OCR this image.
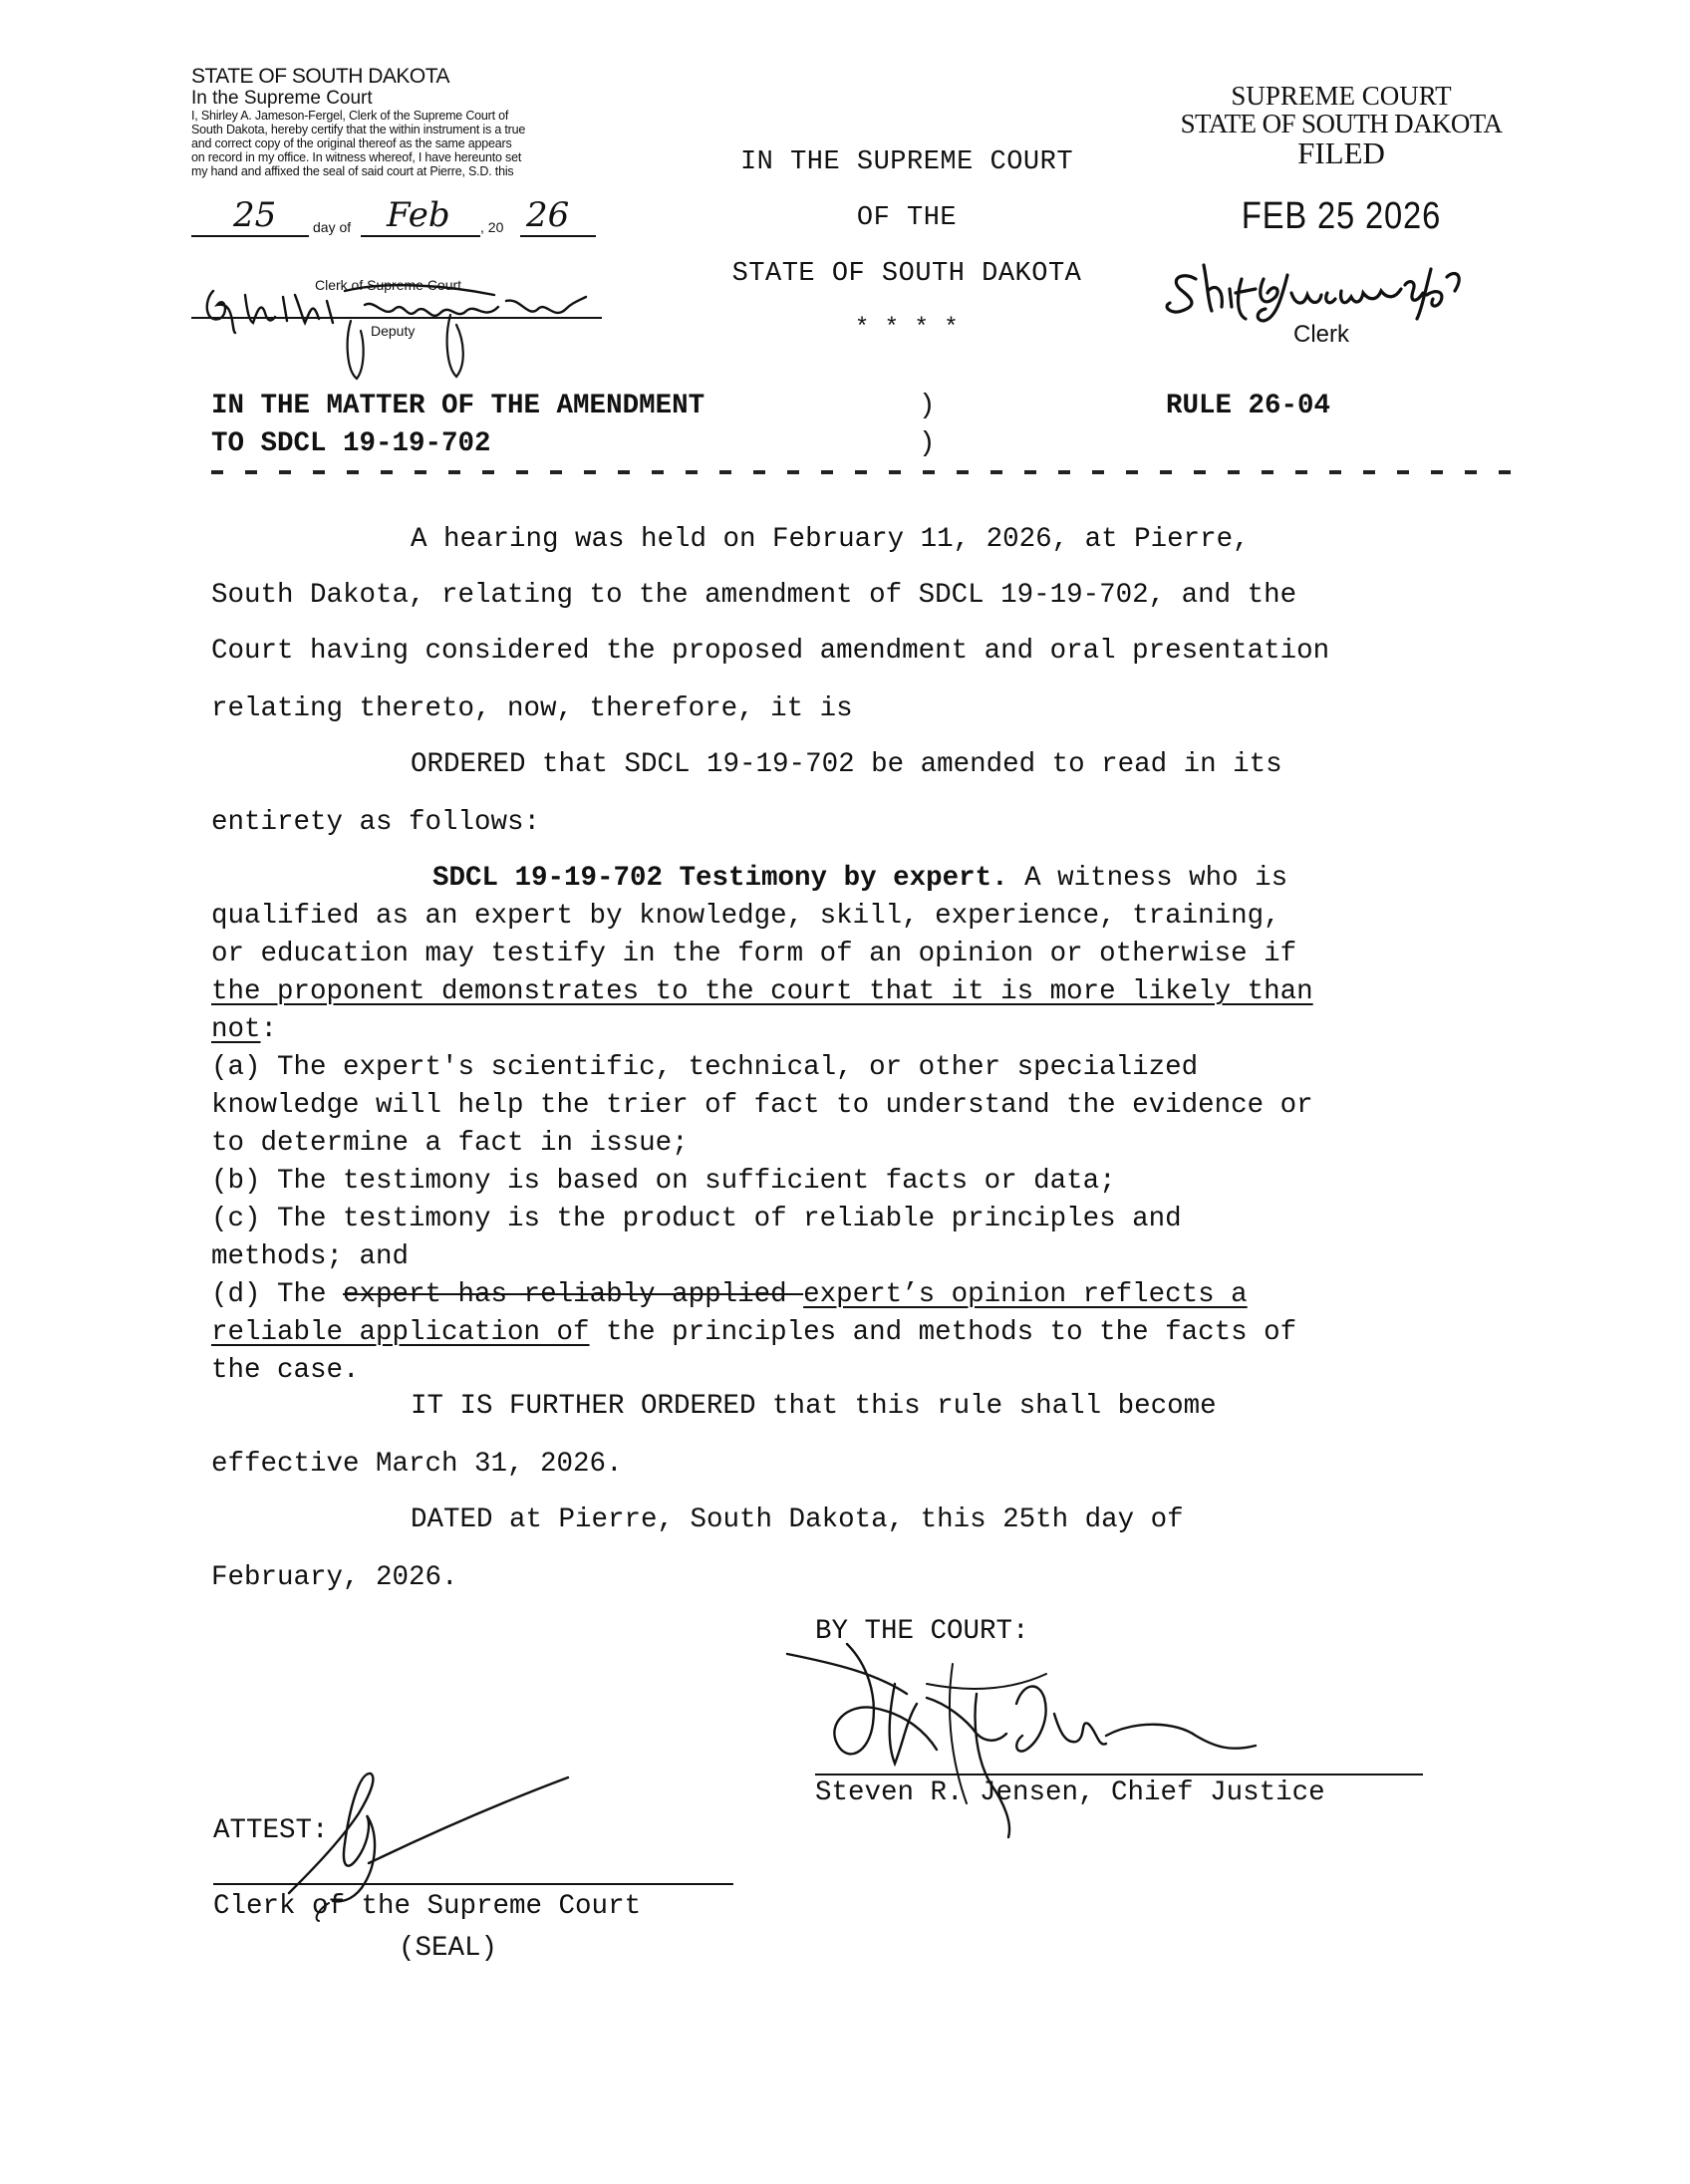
STATE OF SOUTH DAKOTA
In the Supreme Court
I, Shirley A. Jameson-Fergel, Clerk of the Supreme Court of
South Dakota, hereby certify that the within instrument is a true
and correct copy of the original thereof as the same appears
on record in my office. In witness whereof, I have hereunto set
my hand and affixed the seal of said court at Pierre, S.D. this
25	day of Feb , 20 26
Clerk of Supreme Court
Deputy
IN THE SUPREME COURT
OF THE
STATE OF SOUTH DAKOTA
* * * *
SUPREME COURT
STATE OF SOUTH DAKOTA
FILED
FEB 25 2026
Clerk
IN THE MATTER OF THE AMENDMENT
TO SDCL 19-19-702
)
)
RULE 26-04
A hearing was held on February 11, 2026, at Pierre,
South Dakota, relating to the amendment of SDCL 19-19-702, and the
Court having considered the proposed amendment and oral presentation
relating thereto, now, therefore, it is
ORDERED that SDCL 19-19-702 be amended to read in its
entirety as follows:
SDCL 19-19-702 Testimony by expert. A witness who is
qualified as an expert by knowledge, skill, experience, training,
or education may testify in the form of an opinion or otherwise if
the proponent demonstrates to the court that it is more likely than
not:
(a) The expert's scientific, technical, or other specialized
knowledge will help the trier of fact to understand the evidence or
to determine a fact in issue;
(b) The testimony is based on sufficient facts or data;
(c) The testimony is the product of reliable principles and
methods; and
(d) The expert has reliably applied expert’s opinion reflects a
reliable application of the principles and methods to the facts of
the case.
IT IS FURTHER ORDERED that this rule shall become
effective March 31, 2026.
DATED at Pierre, South Dakota, this 25th day of
February, 2026.
BY THE COURT:
Steven R. Jensen, Chief Justice
ATTEST:
Clerk of the Supreme Court
(SEAL)
